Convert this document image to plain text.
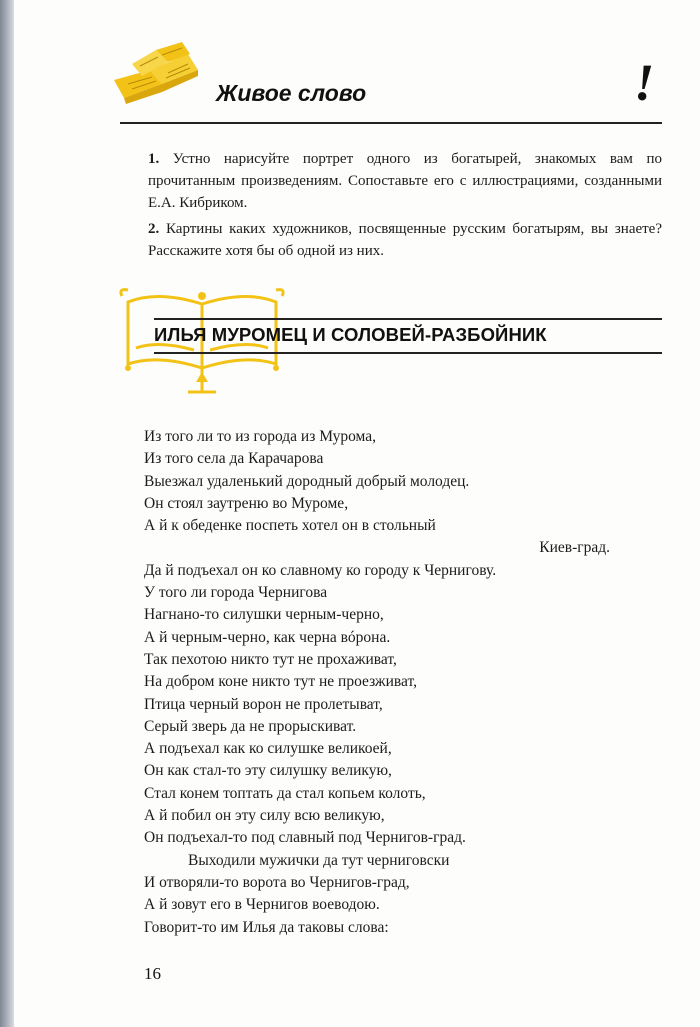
Живое слово	!

1. Устно нарисуйте портрет одного из богатырей, знакомых вам по прочитанным произведениям. Сопоставьте его с иллюстрациями, созданными Е.А. Кибриком.

2. Картины каких художников, посвященные русским богатырям, вы знаете? Расскажите хотя бы об одной из них.

ИЛЬЯ МУРОМЕЦ И СОЛОВЕЙ-РАЗБОЙНИК
Из того ли то из города из Мурома,
Из того села да Карачарова
Выезжал удаленький дородный добрый молодец.
Он стоял заутреню во Муроме,
А й к обеденке поспеть хотел он в стольный
Киев-град.
Да й подъехал он ко славному ко городу к Чернигову.
У того ли города Чернигова
Нагнано-то силушки черным-черно,
А й черным-черно, как черна вóрона.
Так пехотою никто тут не прохаживат,
На добром коне никто тут не проезживат,
Птица черный ворон не пролетыват,
Серый зверь да не прорыскиват.
А подъехал как ко силушке великоей,
Он как стал-то эту силушку великую,
Стал конем топтать да стал копьем колоть,
А й побил он эту силу всю великую,
Он подъехал-то под славный под Чернигов-град.
Выходили мужички да тут черниговски
И отворяли-то ворота во Чернигов-град,
А й зовут его в Чернигов воеводою.
Говорит-то им Илья да таковы слова:
16
